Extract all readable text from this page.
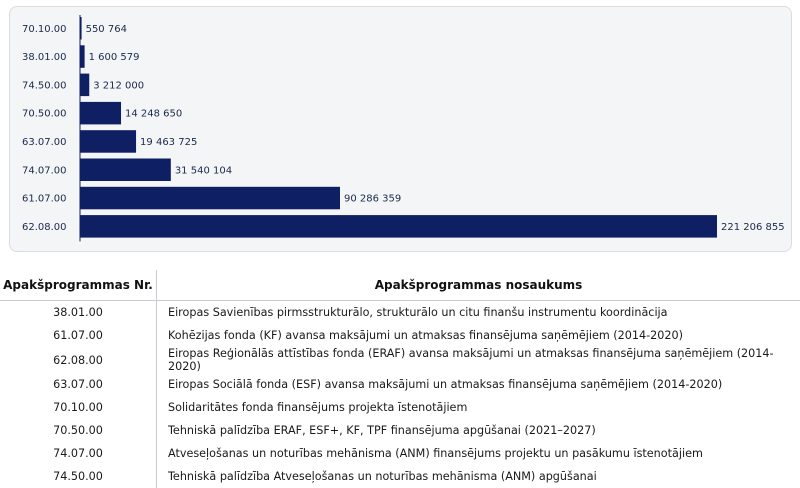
70.10.00 550 764
38.01.00 1 600 579
74.50.00	3 212 000
70.50.00	14 248 650
63.07.00	19 463 725
74.07.00	31 540 104
61.07.00	90 286 359
62.08.00	221 206 855
Apakšprogrammas Nr.	Apakšprogrammas nosaukums
38.01.00	Eiropas Savienības pirmsstrukturālo, strukturālo un citu finanšu instrumentu koordinācija
61.07.00	Kohēzijas fonda (KF) avansa maksājumi un atmaksas finansējuma saņēmējiem (2014-2020)
62.08.00	Eiropas Reģionālās attīstības fonda (ERAF) avansa maksājumi un atmaksas finansējuma saņēmējiem (2014-2020)
63.07.00	Eiropas Sociālā fonda (ESF) avansa maksājumi un atmaksas finansējuma saņēmējiem (2014-2020)
70.10.00	Solidaritātes fonda finansējums projekta īstenotājiem
70.50.00	Tehniskā palīdzība ERAF, ESF+, KF, TPF finansējuma apgūšanai (2021–2027)
74.07.00	Atveseļošanas un noturības mehānisma (ANM) finansējums projektu un pasākumu īstenotājiem
74.50.00	Tehniskā palīdzība Atveseļošanas un noturības mehānisma (ANM) apgūšanai
